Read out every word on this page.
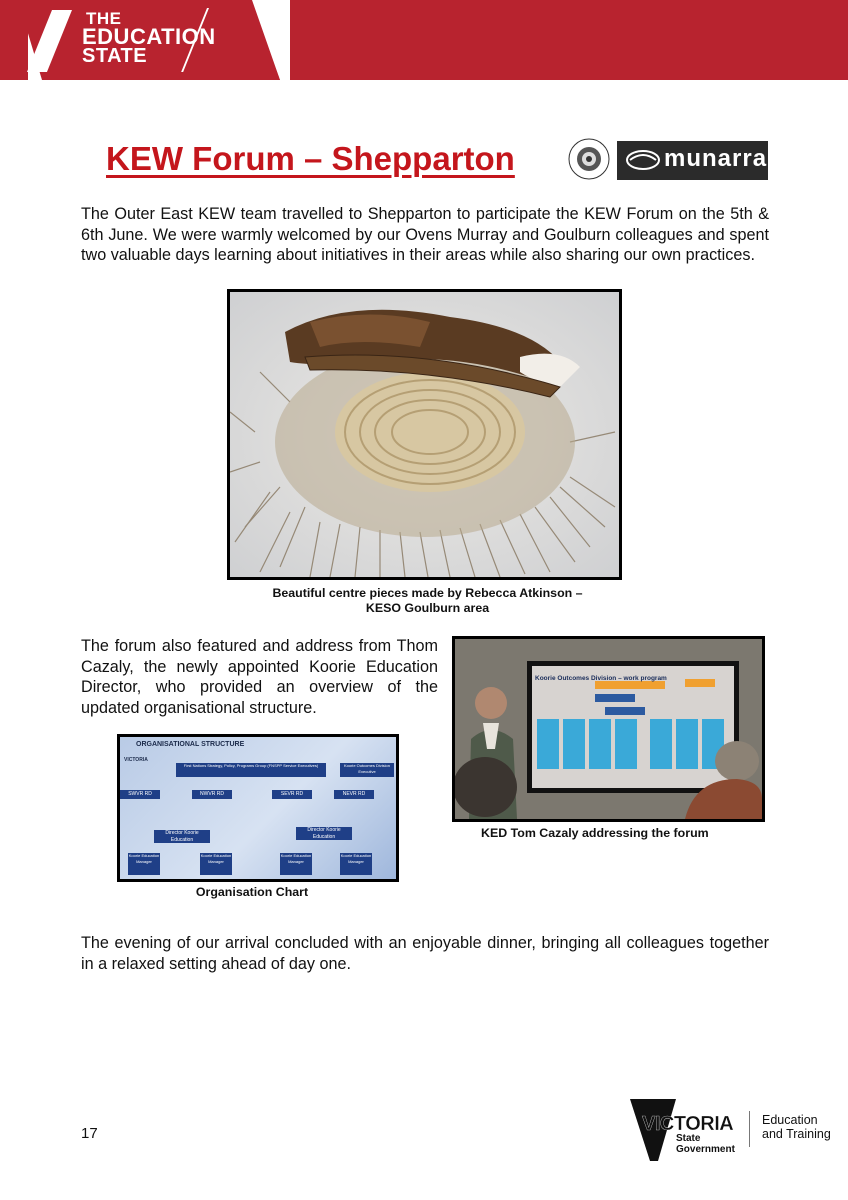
THE
EDUCATION
STATE
KEW Forum – Shepparton	munarra
The Outer East KEW team travelled to Shepparton to participate the KEW Forum on the 5th & 6th June. We were warmly welcomed by our Ovens Murray and Goulburn colleagues and spent two valuable days learning about initiatives in their areas while also sharing our own practices.
Beautiful centre pieces made by Rebecca Atkinson –
KESO Goulburn area
The forum also featured and address from Thom Cazaly, the newly appointed Koorie Education Director, who provided an overview of the updated organisational structure.
Koorie Outcomes Division – work program
KED Tom Cazaly addressing the forum
ORGANISATIONAL STRUCTURE
VICTORIA
First Nations Strategy, Policy, Programs Group (FNSPP Service Executives)	Koorie Outcomes Division Executive
SWVR RD	NWVR RD	SEVR RD	NEVR RD
Director Koorie Education
Director Koorie Education
Koorie Education Manager
Koorie Education Manager
Koorie Education Manager
Koorie Education Manager
Organisation Chart
The evening of our arrival concluded with an enjoyable dinner, bringing all colleagues together in a relaxed setting ahead of day one.
17	VICTORIA
State Government
Education and Training
